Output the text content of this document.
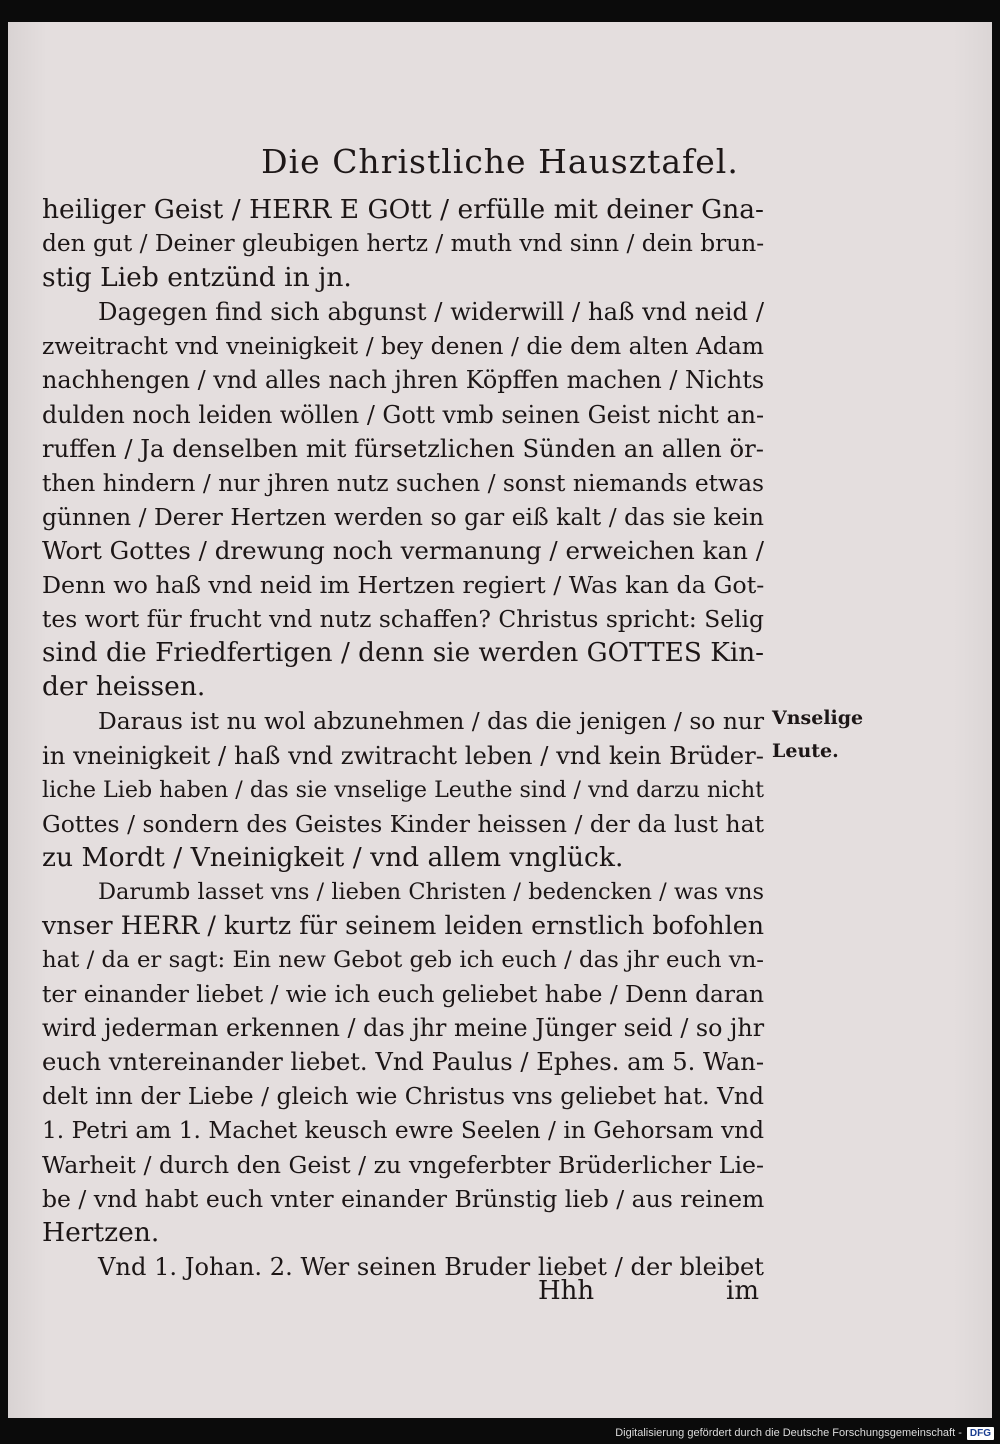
Die Christliche Hausztafel.
heiliger Geist / HERR E GOtt / erfülle mit deiner Gna-
den gut / Deiner gleubigen hertz / muth vnd sinn / dein brun-
stig Lieb entzünd in jn.
Dagegen find sich abgunst / widerwill / haß vnd neid /
zweitracht vnd vneinigkeit / bey denen / die dem alten Adam
nachhengen / vnd alles nach jhren Köpffen machen / Nichts
dulden noch leiden wöllen / Gott vmb seinen Geist nicht an-
ruffen / Ja denselben mit fürsetzlichen Sünden an allen ör-
then hindern / nur jhren nutz suchen / sonst niemands etwas
günnen / Derer Hertzen werden so gar eiß kalt / das sie kein
Wort Gottes / drewung noch vermanung / erweichen kan /
Denn wo haß vnd neid im Hertzen regiert / Was kan da Got-
tes wort für frucht vnd nutz schaffen? Christus spricht: Selig
sind die Friedfertigen / denn sie werden GOTTES Kin-
der heissen.
Daraus ist nu wol abzunehmen / das die jenigen / so nur
in vneinigkeit / haß vnd zwitracht leben / vnd kein Brüder-
liche Lieb haben / das sie vnselige Leuthe sind / vnd darzu nicht
Gottes / sondern des Geistes Kinder heissen / der da lust hat
zu Mordt / Vneinigkeit / vnd allem vnglück.
Darumb lasset vns / lieben Christen / bedencken / was vns
vnser HERR / kurtz für seinem leiden ernstlich bofohlen
hat / da er sagt: Ein new Gebot geb ich euch / das jhr euch vn-
ter einander liebet / wie ich euch geliebet habe / Denn daran
wird jederman erkennen / das jhr meine Jünger seid / so jhr
euch vntereinander liebet. Vnd Paulus / Ephes. am 5. Wan-
delt inn der Liebe / gleich wie Christus vns geliebet hat. Vnd
1. Petri am 1. Machet keusch ewre Seelen / in Gehorsam vnd
Warheit / durch den Geist / zu vngeferbter Brüderlicher Lie-
be / vnd habt euch vnter einander Brünstig lieb / aus reinem
Hertzen.
Vnd 1. Johan. 2. Wer seinen Bruder liebet / der bleibet
Vnselige
Leute.
Hhh	im
Digitalisierung gefördert durch die Deutsche Forschungsgemeinschaft - DFG
